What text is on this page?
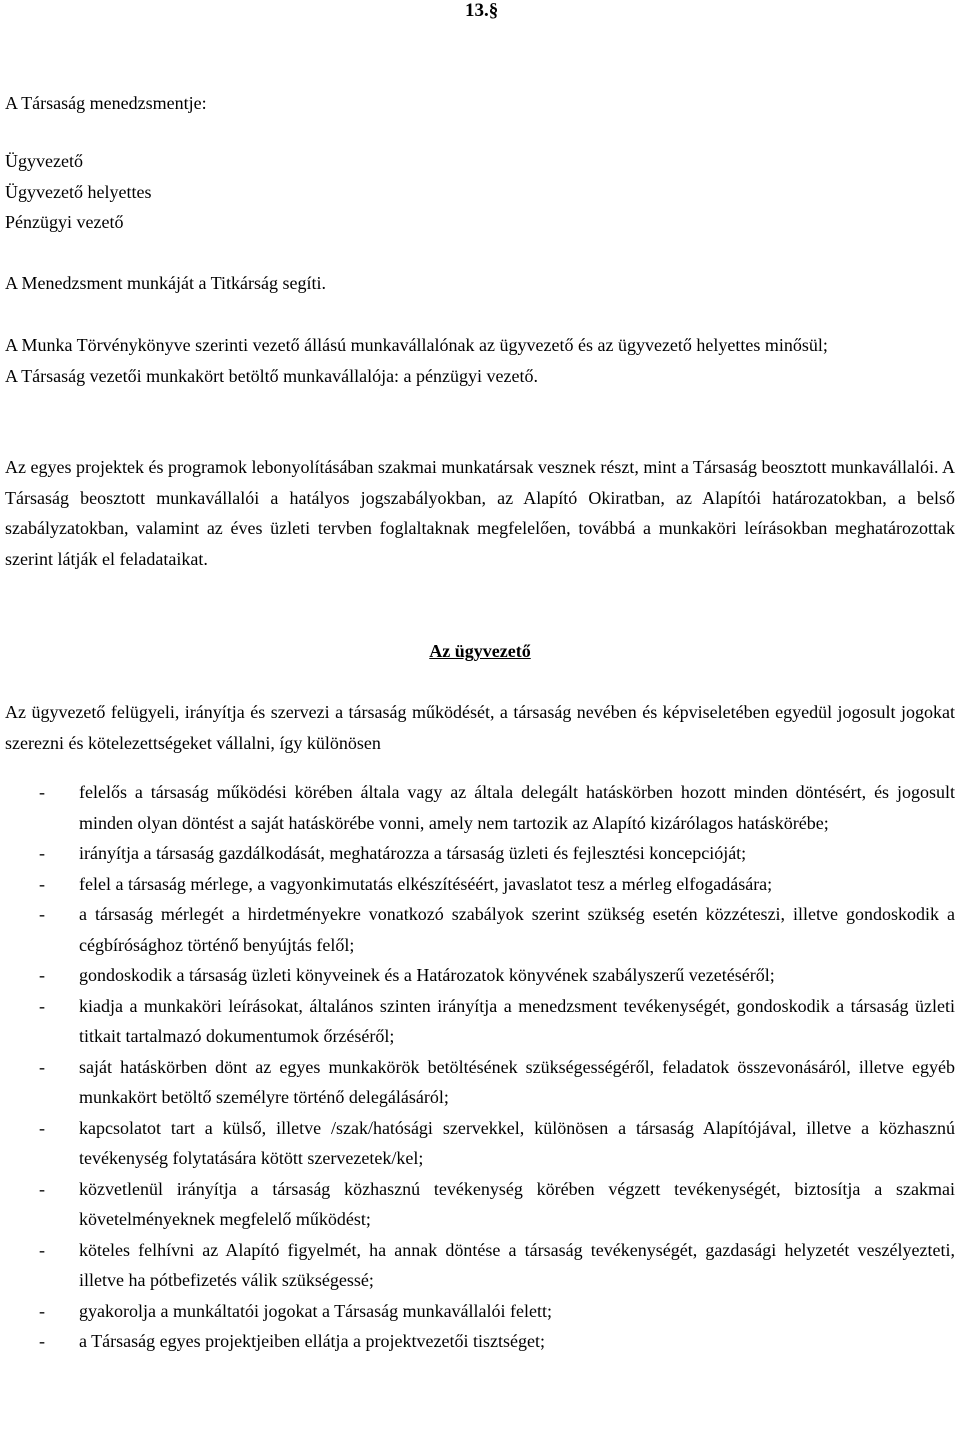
13.§

A Társaság menedzsmentje:

Ügyvezető

Ügyvezető helyettes

Pénzügyi vezető

A Menedzsment munkáját a Titkárság segíti.

A Munka Törvénykönyve szerinti vezető állású munkavállalónak az ügyvezető és az ügyvezető helyettes minősül;

A Társaság vezetői munkakört betöltő munkavállalója: a pénzügyi vezető.

Az egyes projektek és programok lebonyolításában szakmai munkatársak vesznek részt, mint a Társaság beosztott munkavállalói. A Társaság beosztott munkavállalói a hatályos jogszabályokban, az Alapító Okiratban, az Alapítói határozatokban, a belső szabályzatokban, valamint az éves üzleti tervben foglaltaknak megfelelően, továbbá a munkaköri leírásokban meghatározottak szerint látják el feladataikat.

Az ügyvezető

Az ügyvezető felügyeli, irányítja és szervezi a társaság működését, a társaság nevében és képviseletében egyedül jogosult jogokat szerezni és kötelezettségeket vállalni, így különösen

- felelős a társaság működési körében általa vagy az általa delegált hatáskörben hozott minden döntésért, és jogosult minden olyan döntést a saját hatáskörébe vonni, amely nem tartozik az Alapító kizárólagos hatáskörébe;
- irányítja a társaság gazdálkodását, meghatározza a társaság üzleti és fejlesztési koncepcióját;
- felel a társaság mérlege, a vagyonkimutatás elkészítéséért, javaslatot tesz a mérleg elfogadására;
- a társaság mérlegét a hirdetményekre vonatkozó szabályok szerint szükség esetén közzéteszi, illetve gondoskodik a cégbírósághoz történő benyújtás felől;
- gondoskodik a társaság üzleti könyveinek és a Határozatok könyvének szabályszerű vezetéséről;
- kiadja a munkaköri leírásokat, általános szinten irányítja a menedzsment tevékenységét, gondoskodik a társaság üzleti titkait tartalmazó dokumentumok őrzéséről;
- saját hatáskörben dönt az egyes munkakörök betöltésének szükségességéről, feladatok összevonásáról, illetve egyéb munkakört betöltő személyre történő delegálásáról;
- kapcsolatot tart a külső, illetve /szak/hatósági szervekkel, különösen a társaság Alapítójával, illetve a közhasznú tevékenység folytatására kötött szervezetek/kel;
- közvetlenül irányítja a társaság közhasznú tevékenység körében végzett tevékenységét, biztosítja a szakmai követelményeknek megfelelő működést;
- köteles felhívni az Alapító figyelmét, ha annak döntése a társaság tevékenységét, gazdasági helyzetét veszélyezteti, illetve ha pótbefizetés válik szükségessé;
- gyakorolja a munkáltatói jogokat a Társaság munkavállalói felett;
- a Társaság egyes projektjeiben ellátja a projektvezetői tisztséget;
